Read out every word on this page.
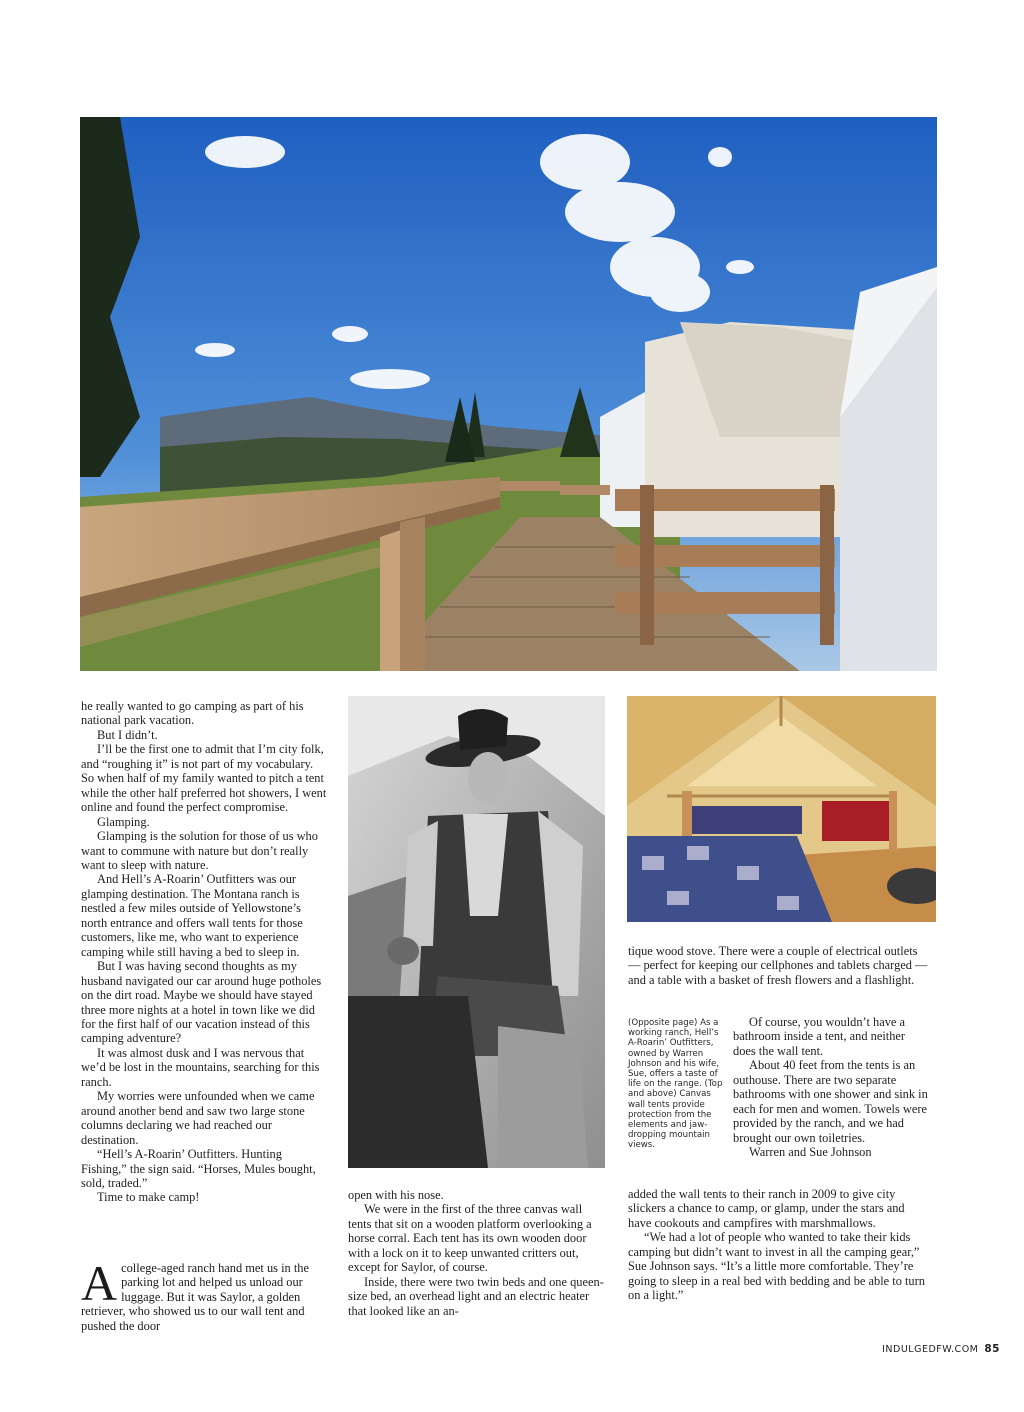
he really wanted to go camping as part of his national park vacation.

But I didn’t.

I’ll be the first one to admit that I’m city folk, and “roughing it” is not part of my vocabulary. So when half of my family wanted to pitch a tent while the other half preferred hot showers, I went online and found the perfect compromise.

Glamping.

Glamping is the solution for those of us who want to commune with nature but don’t really want to sleep with nature.

And Hell’s A-Roarin’ Outfitters was our glamping destination. The Montana ranch is nestled a few miles outside of Yellowstone’s north entrance and offers wall tents for those customers, like me, who want to experience camping while still having a bed to sleep in.

But I was having second thoughts as my husband navigated our car around huge potholes on the dirt road. Maybe we should have stayed three more nights at a hotel in town like we did for the first half of our vacation instead of this camping adventure?

It was almost dusk and I was nervous that we’d be lost in the mountains, searching for this ranch.

My worries were unfounded when we came around another bend and saw two large stone columns declaring we had reached our destination.

“Hell’s A-Roarin’ Outfitters. Hunting Fishing,” the sign said. “Horses, Mules bought, sold, traded.”

Time to make camp!

A college-aged ranch hand met us in the parking lot and helped us unload our luggage. But it was Saylor, a golden retriever, who showed us to our wall tent and pushed the door

open with his nose.

We were in the first of the three canvas wall tents that sit on a wooden platform overlooking a horse corral. Each tent has its own wooden door with a lock on it to keep unwanted critters out, except for Saylor, of course.

Inside, there were two twin beds and one queen-size bed, an overhead light and an electric heater that looked like an an-

tique wood stove. There were a couple of electrical outlets — perfect for keeping our cellphones and tablets charged — and a table with a basket of fresh flowers and a flashlight.

(Opposite page) As a working ranch, Hell’s A-Roarin’ Outfitters, owned by Warren Johnson and his wife, Sue, offers a taste of life on the range. (Top and above) Canvas wall tents provide protection from the elements and jaw-dropping mountain views.

Of course, you wouldn’t have a bathroom inside a tent, and neither does the wall tent.

About 40 feet from the tents is an outhouse. There are two separate bathrooms with one shower and sink in each for men and women. Towels were provided by the ranch, and we had brought our own toiletries.

Warren and Sue Johnson

added the wall tents to their ranch in 2009 to give city slickers a chance to camp, or glamp, under the stars and have cookouts and campfires with marshmallows.

“We had a lot of people who wanted to take their kids camping but didn’t want to invest in all the camping gear,” Sue Johnson says. “It’s a little more comfortable. They’re going to sleep in a real bed with bedding and be able to turn on a light.”

INDULGEDFW.COM 85
